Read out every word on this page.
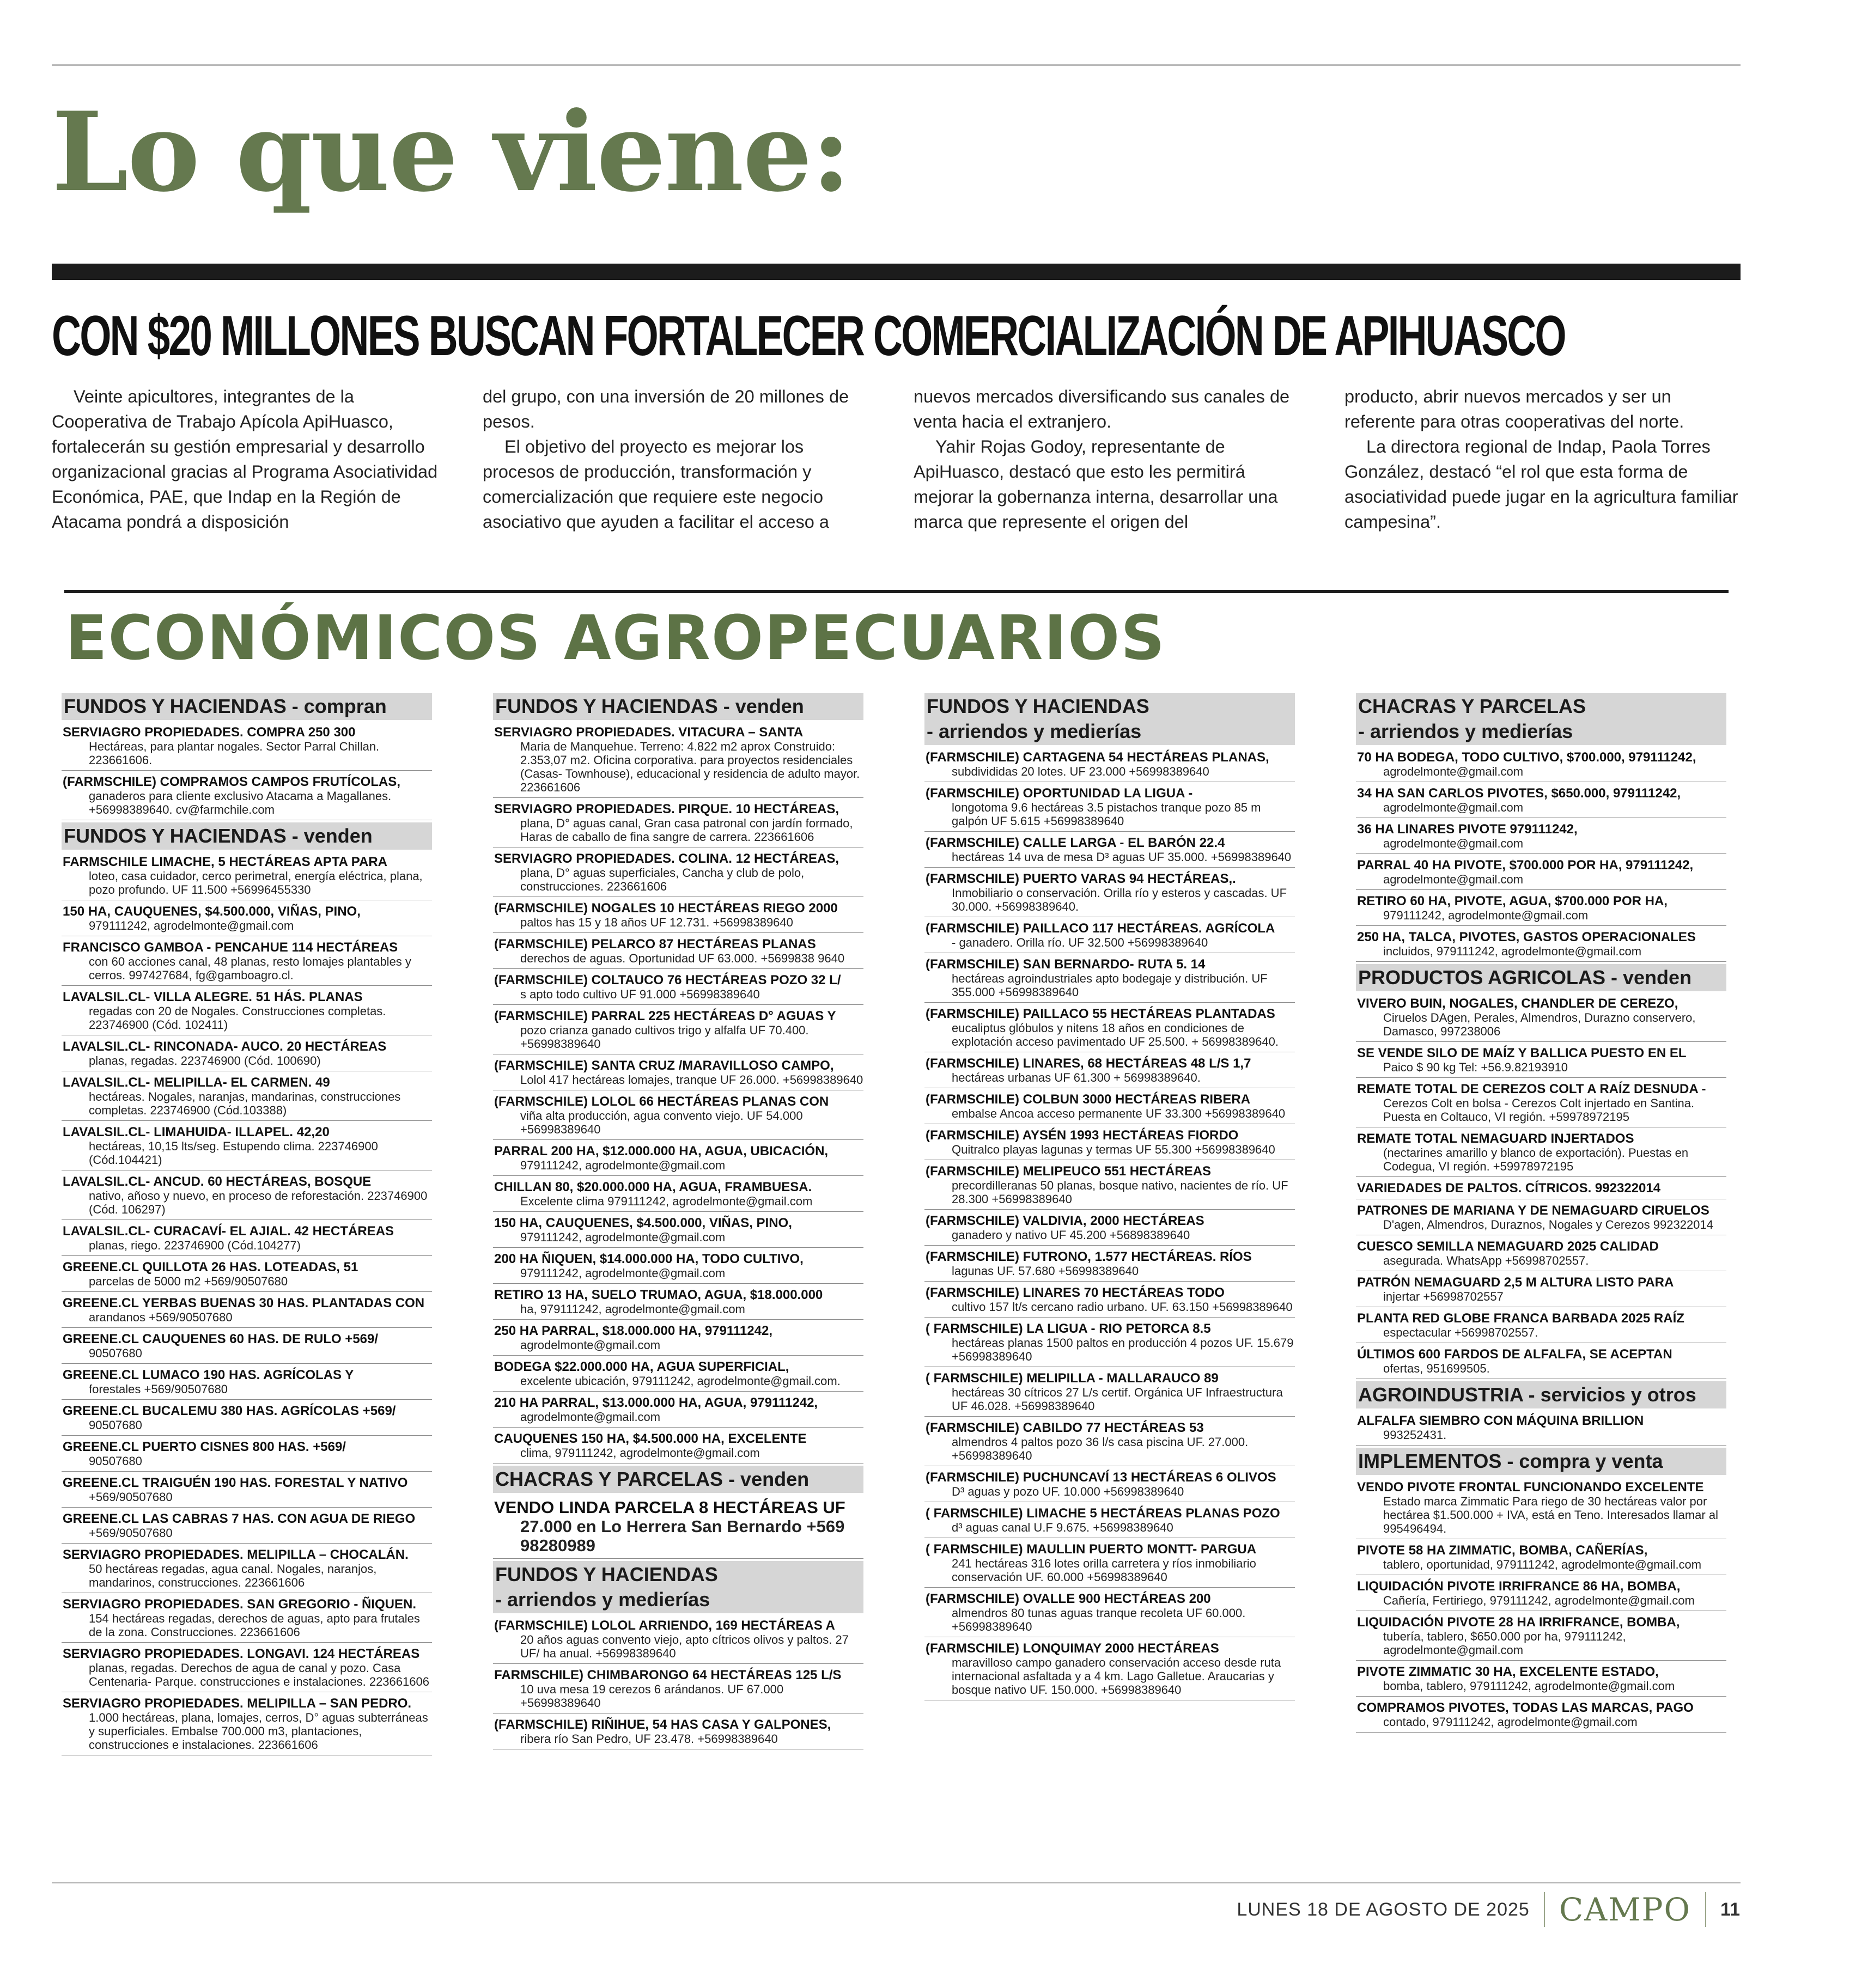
Lo que viene:
CON $20 MILLONES BUSCAN FORTALECER COMERCIALIZACIÓN DE APIHUASCO

Veinte apicultores, integrantes de la Cooperativa de Trabajo Apícola ApiHuasco, fortalecerán su gestión empresarial y desarrollo organizacional gracias al Programa Asociatividad Económica, PAE, que Indap en la Región de Atacama pondrá a disposición

del grupo, con una inversión de 20 millones de pesos.

El objetivo del proyecto es mejorar los procesos de producción, transformación y comercialización que requiere este negocio asociativo que ayuden a facilitar el acceso a

nuevos mercados diversificando sus canales de venta hacia el extranjero.

Yahir Rojas Godoy, representante de ApiHuasco, destacó que esto les permitirá mejorar la gobernanza interna, desarrollar una marca que represente el origen del

producto, abrir nuevos mercados y ser un referente para otras cooperativas del norte.

La directora regional de Indap, Paola Torres González, destacó “el rol que esta forma de asociatividad puede jugar en la agricultura familiar campesina”.

ECONÓMICOS AGROPECUARIOS
FUNDOS Y HACIENDAS - compran
SERVIAGRO PROPIEDADES. COMPRA 250 300
Hectáreas, para plantar nogales. Sector Parral Chillan. 223661606.
(FARMSCHILE) COMPRAMOS CAMPOS FRUTÍCOLAS,
ganaderos para cliente exclusivo Atacama a Magallanes. +56998389640. cv@farmchile.com
FUNDOS Y HACIENDAS - venden
FARMSCHILE LIMACHE, 5 HECTÁREAS APTA PARA
loteo, casa cuidador, cerco perimetral, energía eléctrica, plana, pozo profundo. UF 11.500 +56996455330
150 HA, CAUQUENES, $4.500.000, VIÑAS, PINO,
979111242, agrodelmonte@gmail.com
FRANCISCO GAMBOA - PENCAHUE 114 HECTÁREAS
con 60 acciones canal, 48 planas, resto lomajes plantables y cerros. 997427684, fg@gamboagro.cl.
LAVALSIL.CL- VILLA ALEGRE. 51 HÁS. PLANAS
regadas con 20 de Nogales. Construcciones completas. 223746900 (Cód. 102411)
LAVALSIL.CL- RINCONADA- AUCO. 20 HECTÁREAS
planas, regadas. 223746900 (Cód. 100690)
LAVALSIL.CL- MELIPILLA- EL CARMEN. 49
hectáreas. Nogales, naranjas, mandarinas, construcciones completas. 223746900 (Cód.103388)
LAVALSIL.CL- LIMAHUIDA- ILLAPEL. 42,20
hectáreas, 10,15 lts/seg. Estupendo clima. 223746900 (Cód.104421)
LAVALSIL.CL- ANCUD. 60 HECTÁREAS, BOSQUE
nativo, añoso y nuevo, en proceso de reforestación. 223746900 (Cód. 106297)
LAVALSIL.CL- CURACAVÍ- EL AJIAL. 42 HECTÁREAS
planas, riego. 223746900 (Cód.104277)
GREENE.CL QUILLOTA 26 HAS. LOTEADAS, 51
parcelas de 5000 m2 +569/90507680
GREENE.CL YERBAS BUENAS 30 HAS. PLANTADAS CON
arandanos +569/90507680
GREENE.CL CAUQUENES 60 HAS. DE RULO +569/
90507680
GREENE.CL LUMACO 190 HAS. AGRÍCOLAS Y
forestales +569/90507680
GREENE.CL BUCALEMU 380 HAS. AGRÍCOLAS +569/
90507680
GREENE.CL PUERTO CISNES 800 HAS. +569/
90507680
GREENE.CL TRAIGUÉN 190 HAS. FORESTAL Y NATIVO
+569/90507680
GREENE.CL LAS CABRAS 7 HAS. CON AGUA DE RIEGO
+569/90507680
SERVIAGRO PROPIEDADES. MELIPILLA – CHOCALÁN.
50 hectáreas regadas, agua canal. Nogales, naranjos, mandarinos, construcciones. 223661606
SERVIAGRO PROPIEDADES. SAN GREGORIO - ÑIQUEN.
154 hectáreas regadas, derechos de aguas, apto para frutales de la zona. Construcciones. 223661606
SERVIAGRO PROPIEDADES. LONGAVI. 124 HECTÁREAS
planas, regadas. Derechos de agua de canal y pozo. Casa Centenaria- Parque. construcciones e instalaciones. 223661606
SERVIAGRO PROPIEDADES. MELIPILLA – SAN PEDRO.
1.000 hectáreas, plana, lomajes, cerros, D° aguas subterráneas y superficiales. Embalse 700.000 m3, plantaciones, construcciones e instalaciones. 223661606
FUNDOS Y HACIENDAS - venden
SERVIAGRO PROPIEDADES. VITACURA – SANTA
Maria de Manquehue. Terreno: 4.822 m2 aprox Construido: 2.353,07 m2. Oficina corporativa. para proyectos residenciales (Casas- Townhouse), educacional y residencia de adulto mayor. 223661606
SERVIAGRO PROPIEDADES. PIRQUE. 10 HECTÁREAS,
plana, D° aguas canal, Gran casa patronal con jardín formado, Haras de caballo de fina sangre de carrera. 223661606
SERVIAGRO PROPIEDADES. COLINA. 12 HECTÁREAS,
plana, D° aguas superficiales, Cancha y club de polo, construcciones. 223661606
(FARMSCHILE) NOGALES 10 HECTÁREAS RIEGO 2000
paltos has 15 y 18 años UF 12.731. +56998389640
(FARMSCHILE) PELARCO 87 HECTÁREAS PLANAS
derechos de aguas. Oportunidad UF 63.000. +5699838 9640
(FARMSCHILE) COLTAUCO 76 HECTÁREAS POZO 32 L/
s apto todo cultivo UF 91.000 +56998389640
(FARMSCHILE) PARRAL 225 HECTÁREAS D° AGUAS Y
pozo crianza ganado cultivos trigo y alfalfa UF 70.400. +56998389640
(FARMSCHILE) SANTA CRUZ /MARAVILLOSO CAMPO,
Lolol 417 hectáreas lomajes, tranque UF 26.000. +56998389640
(FARMSCHILE) LOLOL 66 HECTÁREAS PLANAS CON
viña alta producción, agua convento viejo. UF 54.000 +56998389640
PARRAL 200 HA, $12.000.000 HA, AGUA, UBICACIÓN,
979111242, agrodelmonte@gmail.com
CHILLAN 80, $20.000.000 HA, AGUA, FRAMBUESA.
Excelente clima 979111242, agrodelmonte@gmail.com
150 HA, CAUQUENES, $4.500.000, VIÑAS, PINO,
979111242, agrodelmonte@gmail.com
200 HA ÑIQUEN, $14.000.000 HA, TODO CULTIVO,
979111242, agrodelmonte@gmail.com
RETIRO 13 HA, SUELO TRUMAO, AGUA, $18.000.000
ha, 979111242, agrodelmonte@gmail.com
250 HA PARRAL, $18.000.000 HA, 979111242,
agrodelmonte@gmail.com
BODEGA $22.000.000 HA, AGUA SUPERFICIAL,
excelente ubicación, 979111242, agrodelmonte@gmail.com.
210 HA PARRAL, $13.000.000 HA, AGUA, 979111242,
agrodelmonte@gmail.com
CAUQUENES 150 HA, $4.500.000 HA, EXCELENTE
clima, 979111242, agrodelmonte@gmail.com
CHACRAS Y PARCELAS - venden
VENDO LINDA PARCELA 8 HECTÁREAS UF
27.000 en Lo Herrera San Bernardo +569 98280989
FUNDOS Y HACIENDAS
- arriendos y medierías
(FARMSCHILE) LOLOL ARRIENDO, 169 HECTÁREAS A
20 años aguas convento viejo, apto cítricos olivos y paltos. 27 UF/ ha anual. +56998389640
FARMSCHILE) CHIMBARONGO 64 HECTÁREAS 125 L/S
10 uva mesa 19 cerezos 6 arándanos. UF 67.000 +56998389640
(FARMSCHILE) RIÑIHUE, 54 HAS CASA Y GALPONES,
ribera río San Pedro, UF 23.478. +56998389640
FUNDOS Y HACIENDAS
- arriendos y medierías
(FARMSCHILE) CARTAGENA 54 HECTÁREAS PLANAS,
subdivididas 20 lotes. UF 23.000 +56998389640
(FARMSCHILE) OPORTUNIDAD LA LIGUA -
longotoma 9.6 hectáreas 3.5 pistachos tranque pozo 85 m galpón UF 5.615 +56998389640
(FARMSCHILE) CALLE LARGA - EL BARÓN 22.4
hectáreas 14 uva de mesa D³ aguas UF 35.000. +56998389640
(FARMSCHILE) PUERTO VARAS 94 HECTÁREAS,.
Inmobiliario o conservación. Orilla río y esteros y cascadas. UF 30.000. +56998389640.
(FARMSCHILE) PAILLACO 117 HECTÁREAS. AGRÍCOLA
- ganadero. Orilla río. UF 32.500 +56998389640
(FARMSCHILE) SAN BERNARDO- RUTA 5. 14
hectáreas agroindustriales apto bodegaje y distribución. UF 355.000 +56998389640
(FARMSCHILE) PAILLACO 55 HECTÁREAS PLANTADAS
eucaliptus glóbulos y nitens 18 años en condiciones de explotación acceso pavimentado UF 25.500. + 56998389640.
(FARMSCHILE) LINARES, 68 HECTÁREAS 48 L/S 1,7
hectáreas urbanas UF 61.300 + 56998389640.
(FARMSCHILE) COLBUN 3000 HECTÁREAS RIBERA
embalse Ancoa acceso permanente UF 33.300 +56998389640
(FARMSCHILE) AYSÉN 1993 HECTÁREAS FIORDO
Quitralco playas lagunas y termas UF 55.300 +56998389640
(FARMSCHILE) MELIPEUCO 551 HECTÁREAS
precordilleranas 50 planas, bosque nativo, nacientes de río. UF 28.300 +56998389640
(FARMSCHILE) VALDIVIA, 2000 HECTÁREAS
ganadero y nativo UF 45.200 +56898389640
(FARMSCHILE) FUTRONO, 1.577 HECTÁREAS. RÍOS
lagunas UF. 57.680 +56998389640
(FARMSCHILE) LINARES 70 HECTÁREAS TODO
cultivo 157 lt/s cercano radio urbano. UF. 63.150 +56998389640
( FARMSCHILE) LA LIGUA - RIO PETORCA 8.5
hectáreas planas 1500 paltos en producción 4 pozos UF. 15.679 +56998389640
( FARMSCHILE) MELIPILLA - MALLARAUCO 89
hectáreas 30 cítricos 27 L/s certif. Orgánica UF Infraestructura UF 46.028. +56998389640
(FARMSCHILE) CABILDO 77 HECTÁREAS 53
almendros 4 paltos pozo 36 l/s casa piscina UF. 27.000. +56998389640
(FARMSCHILE) PUCHUNCAVÍ 13 HECTÁREAS 6 OLIVOS
D³ aguas y pozo UF. 10.000 +56998389640
( FARMSCHILE) LIMACHE 5 HECTÁREAS PLANAS POZO
d³ aguas canal U.F 9.675. +56998389640
( FARMSCHILE) MAULLIN PUERTO MONTT- PARGUA
241 hectáreas 316 lotes orilla carretera y ríos inmobiliario conservación UF. 60.000 +56998389640
(FARMSCHILE) OVALLE 900 HECTÁREAS 200
almendros 80 tunas aguas tranque recoleta UF 60.000. +56998389640
(FARMSCHILE) LONQUIMAY 2000 HECTÁREAS
maravilloso campo ganadero conservación acceso desde ruta internacional asfaltada y a 4 km. Lago Galletue. Araucarias y bosque nativo UF. 150.000. +56998389640
CHACRAS Y PARCELAS
- arriendos y medierías
70 HA BODEGA, TODO CULTIVO, $700.000, 979111242,
agrodelmonte@gmail.com
34 HA SAN CARLOS PIVOTES, $650.000, 979111242,
agrodelmonte@gmail.com
36 HA LINARES PIVOTE 979111242,
agrodelmonte@gmail.com
PARRAL 40 HA PIVOTE, $700.000 POR HA, 979111242,
agrodelmonte@gmail.com
RETIRO 60 HA, PIVOTE, AGUA, $700.000 POR HA,
979111242, agrodelmonte@gmail.com
250 HA, TALCA, PIVOTES, GASTOS OPERACIONALES
incluidos, 979111242, agrodelmonte@gmail.com
PRODUCTOS AGRICOLAS - venden
VIVERO BUIN, NOGALES, CHANDLER DE CEREZO,
Ciruelos DAgen, Perales, Almendros, Durazno conservero, Damasco, 997238006
SE VENDE SILO DE MAÍZ Y BALLICA PUESTO EN EL
Paico $ 90 kg Tel: +56.9.82193910
REMATE TOTAL DE CEREZOS COLT A RAÍZ DESNUDA -
Cerezos Colt en bolsa - Cerezos Colt injertado en Santina. Puesta en Coltauco, VI región. +59978972195
REMATE TOTAL NEMAGUARD INJERTADOS
(nectarines amarillo y blanco de exportación). Puestas en Codegua, VI región. +59978972195
VARIEDADES DE PALTOS. CÍTRICOS. 992322014
PATRONES DE MARIANA Y DE NEMAGUARD CIRUELOS
D'agen, Almendros, Duraznos, Nogales y Cerezos 992322014
CUESCO SEMILLA NEMAGUARD 2025 CALIDAD
asegurada. WhatsApp +56998702557.
PATRÓN NEMAGUARD 2,5 M ALTURA LISTO PARA
injertar +56998702557
PLANTA RED GLOBE FRANCA BARBADA 2025 RAÍZ
espectacular +56998702557.
ÚLTIMOS 600 FARDOS DE ALFALFA, SE ACEPTAN
ofertas, 951699505.
AGROINDUSTRIA - servicios y otros
ALFALFA SIEMBRO CON MÁQUINA BRILLION
993252431.
IMPLEMENTOS - compra y venta
VENDO PIVOTE FRONTAL FUNCIONANDO EXCELENTE
Estado marca Zimmatic Para riego de 30 hectáreas valor por hectárea $1.500.000 + IVA, está en Teno. Interesados llamar al 995496494.
PIVOTE 58 HA ZIMMATIC, BOMBA, CAÑERÍAS,
tablero, oportunidad, 979111242, agrodelmonte@gmail.com
LIQUIDACIÓN PIVOTE IRRIFRANCE 86 HA, BOMBA,
Cañería, Fertiriego, 979111242, agrodelmonte@gmail.com
LIQUIDACIÓN PIVOTE 28 HA IRRIFRANCE, BOMBA,
tubería, tablero, $650.000 por ha, 979111242, agrodelmonte@gmail.com
PIVOTE ZIMMATIC 30 HA, EXCELENTE ESTADO,
bomba, tablero, 979111242, agrodelmonte@gmail.com
COMPRAMOS PIVOTES, TODAS LAS MARCAS, PAGO
contado, 979111242, agrodelmonte@gmail.com
LUNES 18 DE AGOSTO DE 2025 CAMPO 11
